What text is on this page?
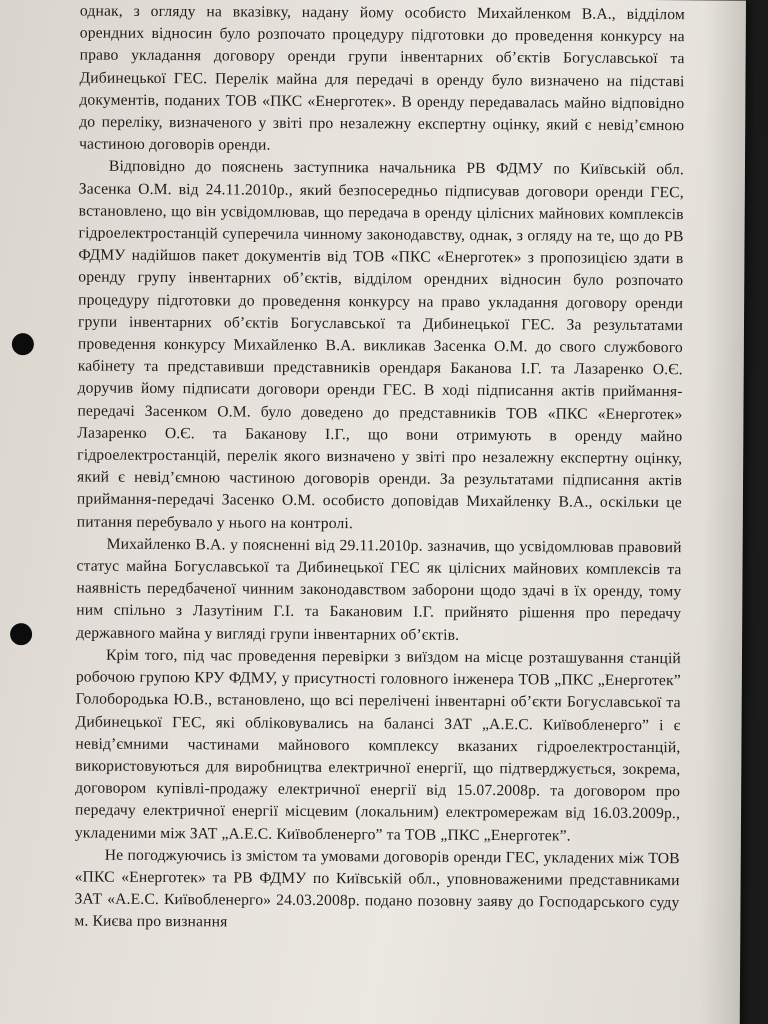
однак, з огляду на вказівку, надану йому особисто Михайленком В.А., відділом орендних відносин було розпочато процедуру підготовки до проведення конкурсу на право укладання договору оренди групи інвентарних об’єктів Богуславської та Дибинецької ГЕС. Перелік майна для передачі в оренду було визначено на підставі документів, поданих ТОВ «ПКС «Енерготек». В оренду передавалась майно відповідно до переліку, визначеного у звіті про незалежну експертну оцінку, який є невід’ємною частиною договорів оренди.

Відповідно до пояснень заступника начальника РВ ФДМУ по Київській обл. Засенка О.М. від 24.11.2010р., який безпосередньо підписував договори оренди ГЕС, встановлено, що він усвідомлював, що передача в оренду цілісних майнових комплексів гідроелектростанцій суперечила чинному законодавству, однак, з огляду на те, що до РВ ФДМУ надійшов пакет документів від ТОВ «ПКС «Енерготек» з пропозицією здати в оренду групу інвентарних об’єктів, відділом орендних відносин було розпочато процедуру підготовки до проведення конкурсу на право укладання договору оренди групи інвентарних об’єктів Богуславської та Дибинецької ГЕС. За результатами проведення конкурсу Михайленко В.А. викликав Засенка О.М. до свого службового кабінету та представивши представників орендаря Баканова І.Г. та Лазаренко О.Є. доручив йому підписати договори оренди ГЕС. В ході підписання актів приймання-передачі Засенком О.М. було доведено до представників ТОВ «ПКС «Енерготек» Лазаренко О.Є. та Баканову І.Г., що вони отримують в оренду майно гідроелектростанцій, перелік якого визначено у звіті про незалежну експертну оцінку, який є невід’ємною частиною договорів оренди. За результатами підписання актів приймання-передачі Засенко О.М. особисто доповідав Михайленку В.А., оскільки це питання перебувало у нього на контролі.

Михайленко В.А. у поясненні від 29.11.2010р. зазначив, що усвідомлював правовий статус майна Богуславської та Дибинецької ГЕС як цілісних майнових комплексів та наявність передбаченої чинним законодавством заборони щодо здачі в їх оренду, тому ним спільно з Лазутіним Г.І. та Бакановим І.Г. прийнято рішення про передачу державного майна у вигляді групи інвентарних об’єктів.

Крім того, під час проведення перевірки з виїздом на місце розташування станцій робочою групою КРУ ФДМУ, у присутності головного інженера ТОВ „ПКС „Енерготек” Голобородька Ю.В., встановлено, що всі перелічені інвентарні об’єкти Богуславської та Дибинецької ГЕС, які обліковувались на балансі ЗАТ „А.Е.С. Київобленерго” і є невід’ємними частинами майнового комплексу вказаних гідроелектростанцій, використовуються для виробництва електричної енергії, що підтверджується, зокрема, договором купівлі-продажу електричної енергії від 15.07.2008р. та договором про передачу електричної енергії місцевим (локальним) електромережам від 16.03.2009р., укладеними між ЗАТ „А.Е.С. Київобленерго” та ТОВ „ПКС „Енерготек”.

Не погоджуючись із змістом та умовами договорів оренди ГЕС, укладених між ТОВ «ПКС «Енерготек» та РВ ФДМУ по Київській обл., уповноваженими представниками ЗАТ «А.Е.С. Київобленерго» 24.03.2008р. подано позовну заяву до Господарського суду м. Києва про визнання
